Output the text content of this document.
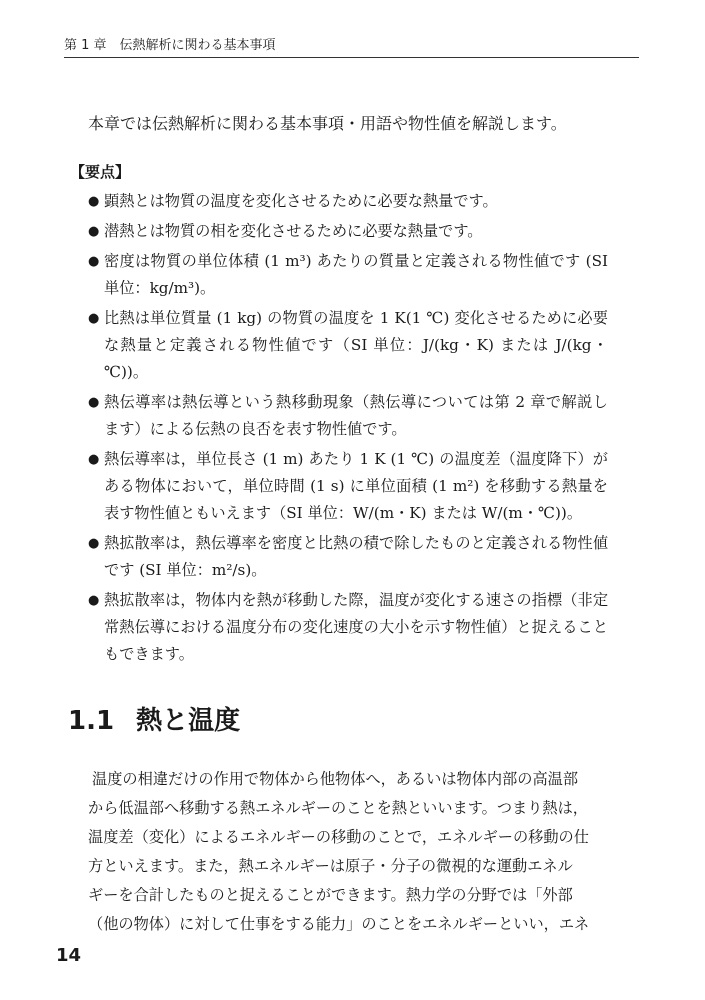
第 1 章　伝熱解析に関わる基本事項

本章では伝熱解析に関わる基本事項・用語や物性値を解説します。

【要点】
● 顕熱とは物質の温度を変化させるために必要な熱量です。
● 潜熱とは物質の相を変化させるために必要な熱量です。
● 密度は物質の単位体積 (1 m³) あたりの質量と定義される物性値です (SI 単位：kg/m³)。
● 比熱は単位質量 (1 kg) の物質の温度を 1 K(1 ℃) 変化させるために必要な熱量と定義される物性値です（SI 単位：J/(kg・K) または J/(kg・℃))。
● 熱伝導率は熱伝導という熱移動現象（熱伝導については第 2 章で解説します）による伝熱の良否を表す物性値です。
● 熱伝導率は，単位長さ (1 m) あたり 1 K (1 ℃) の温度差（温度降下）がある物体において，単位時間 (1 s) に単位面積 (1 m²) を移動する熱量を表す物性値ともいえます（SI 単位：W/(m・K) または W/(m・℃))。
● 熱拡散率は，熱伝導率を密度と比熱の積で除したものと定義される物性値です (SI 単位：m²/s)。
● 熱拡散率は，物体内を熱が移動した際，温度が変化する速さの指標（非定常熱伝導における温度分布の変化速度の大小を示す物性値）と捉えることもできます。
1.1 熱と温度

温度の相違だけの作用で物体から他物体へ，あるいは物体内部の高温部
から低温部へ移動する熱エネルギーのことを熱といいます。つまり熱は，
温度差（変化）によるエネルギーの移動のことで，エネルギーの移動の仕
方といえます。また，熱エネルギーは原子・分子の微視的な運動エネル
ギーを合計したものと捉えることができます。熱力学の分野では「外部
（他の物体）に対して仕事をする能力」のことをエネルギーといい，エネ

14
